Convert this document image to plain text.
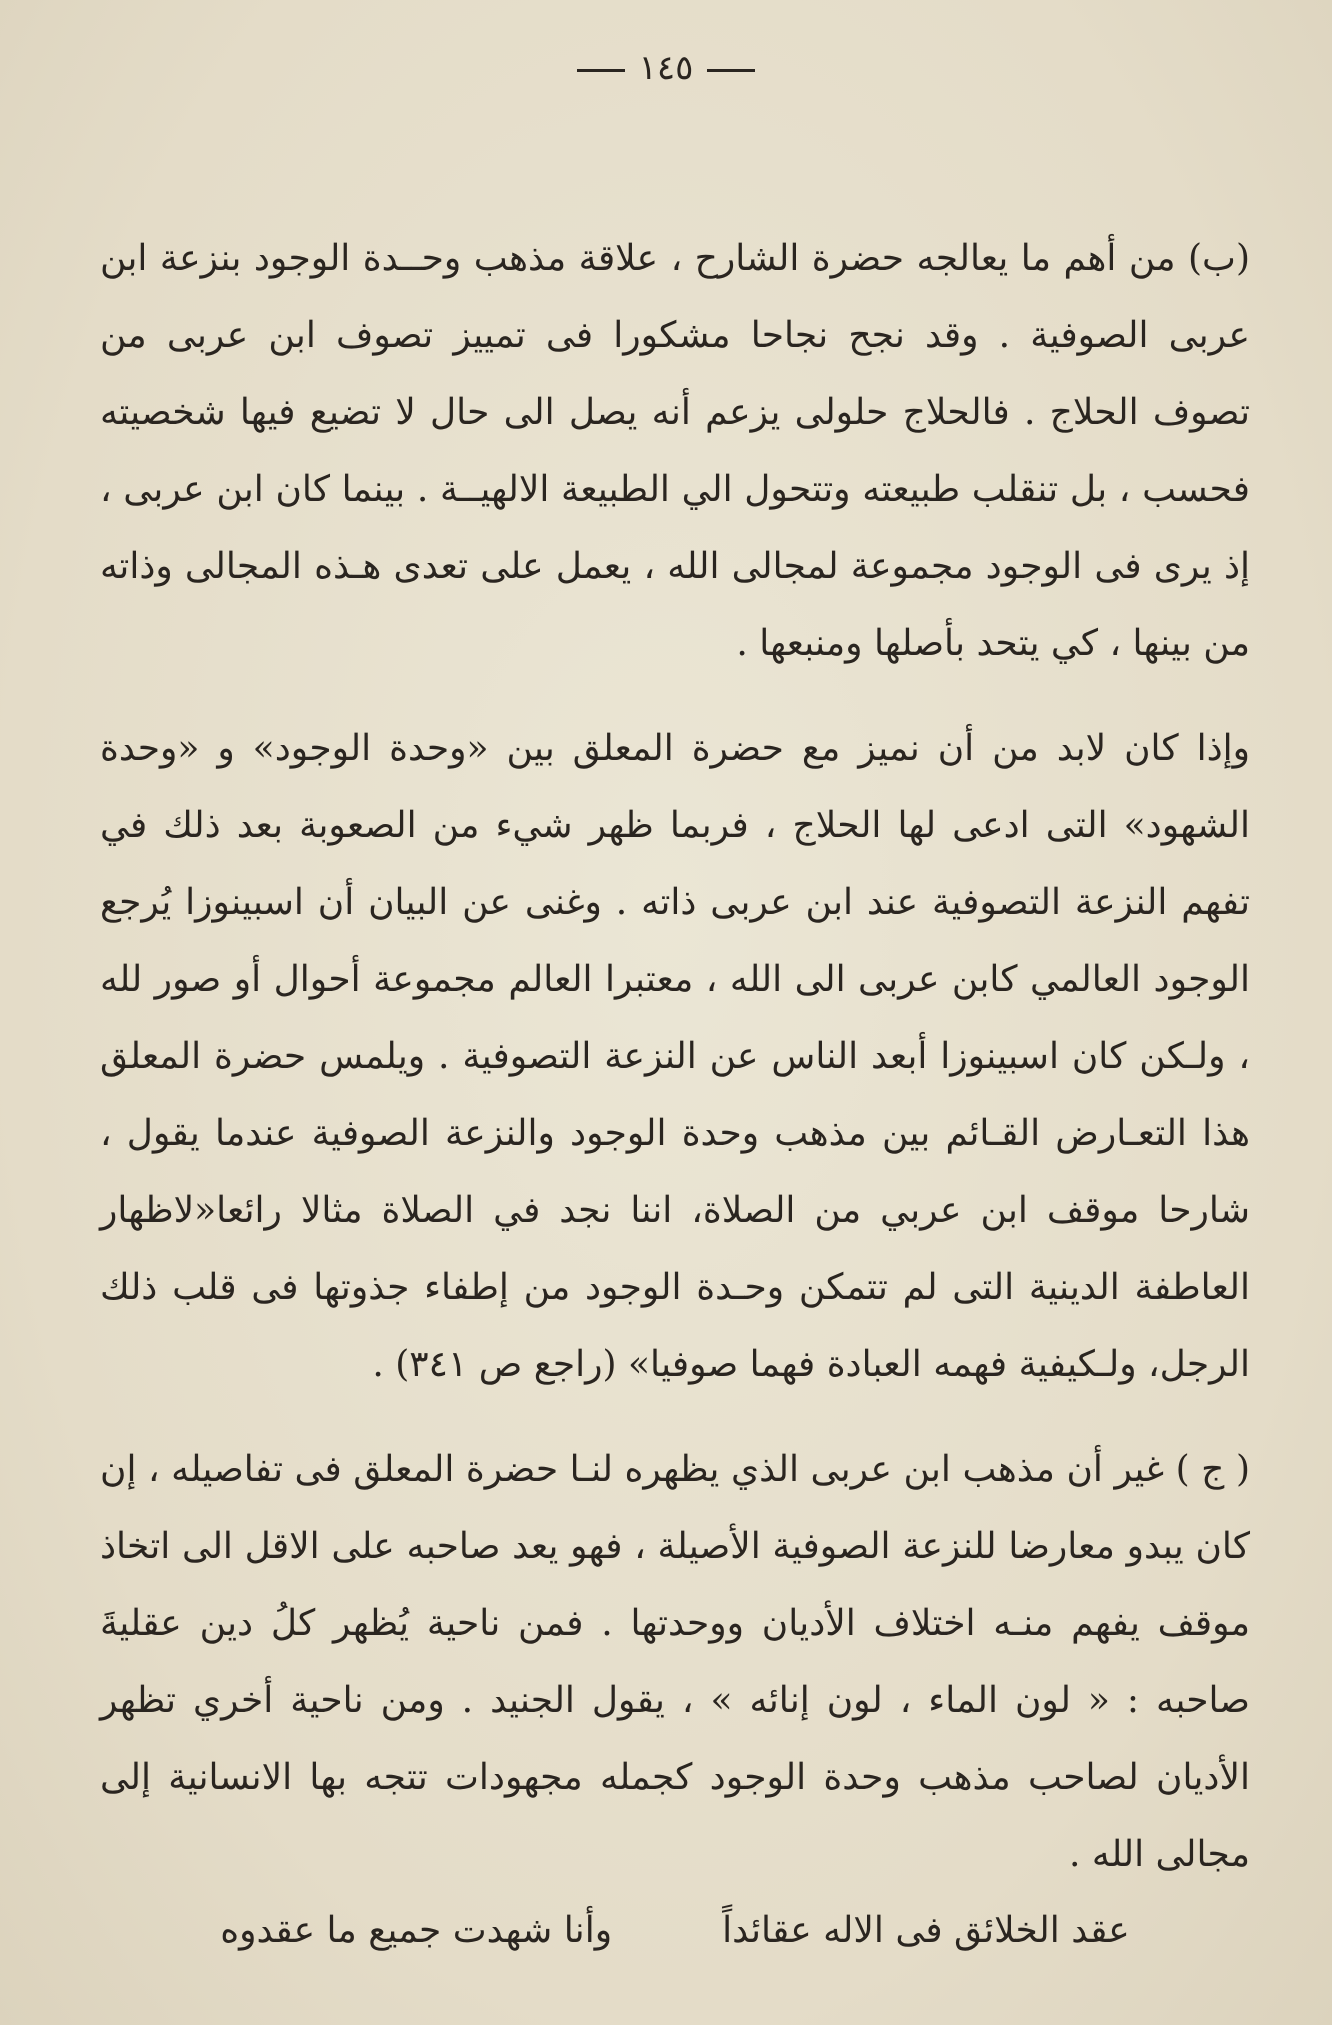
١٤٥

(ب) من أهم ما يعالجه حضرة الشارح ، علاقة مذهب وحــدة الوجود بنزعة ابن عربى الصوفية . وقد نجح نجاحا مشكورا فى تمييز تصوف ابن عربى من تصوف الحلاج . فالحلاج حلولى يزعم أنه يصل الى حال لا تضيع فيها شخصيته فحسب ، بل تنقلب طبيعته وتتحول الي الطبيعة الالهيــة . بينما كان ابن عربى ، إذ يرى فى الوجود مجموعة لمجالى الله ، يعمل على تعدى هـذه المجالى وذاته من بينها ، كي يتحد بأصلها ومنبعها .

وإذا كان لابد من أن نميز مع حضرة المعلق بين «وحدة الوجود» و «وحدة الشهود» التى ادعى لها الحلاج ، فربما ظهر شيء من الصعوبة بعد ذلك في تفهم النزعة التصوفية عند ابن عربى ذاته . وغنى عن البيان أن اسبينوزا يُرجع الوجود العالمي كابن عربى الى الله ، معتبرا العالم مجموعة أحوال أو صور لله ، ولـكن كان اسبينوزا أبعد الناس عن النزعة التصوفية . ويلمس حضرة المعلق هذا التعـارض القـائم بين مذهب وحدة الوجود والنزعة الصوفية عندما يقول ، شارحا موقف ابن عربي من الصلاة، اننا نجد في الصلاة مثالا رائعا«لاظهار العاطفة الدينية التى لم تتمكن وحـدة الوجود من إطفاء جذوتها فى قلب ذلك الرجل، ولـكيفية فهمه العبادة فهما صوفيا» (راجع ص ٣٤١) .

( ج ) غير أن مذهب ابن عربى الذي يظهره لنـا حضرة المعلق فى تفاصيله ، إن كان يبدو معارضا للنزعة الصوفية الأصيلة ، فهو يعد صاحبه على الاقل الى اتخاذ موقف يفهم منـه اختلاف الأديان ووحدتها . فمن ناحية يُظهر كلُ دين عقليةَ صاحبه : « لون الماء ، لون إنائه » ، يقول الجنيد . ومن ناحية أخري تظهر الأديان لصاحب مذهب وحدة الوجود كجمله مجهودات تتجه بها الانسانية إلى مجالى الله .

عقد الخلائق فى الاله عقائداً
وأنا شهدت جميع ما عقدوه
